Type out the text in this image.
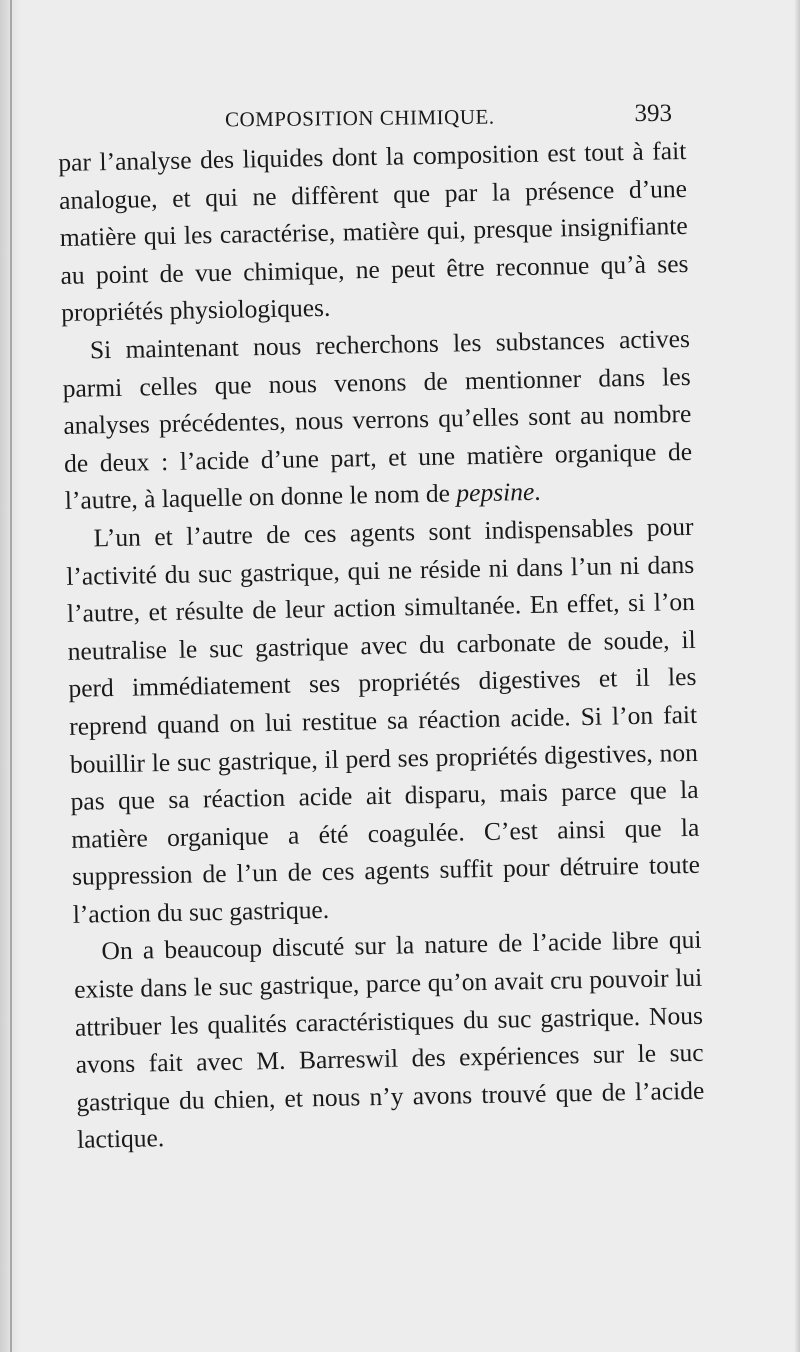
COMPOSITION CHIMIQUE.	393

par l’analyse des liquides dont la composition est tout à fait analogue, et qui ne diffèrent que par la présence d’une matière qui les caractérise, matière qui, presque insignifiante au point de vue chimique, ne peut être reconnue qu’à ses propriétés physiologiques.

Si maintenant nous recherchons les substances actives parmi celles que nous venons de mentionner dans les analyses précédentes, nous verrons qu’elles sont au nombre de deux : l’acide d’une part, et une matière organique de l’autre, à laquelle on donne le nom de pepsine.

L’un et l’autre de ces agents sont indispensables pour l’activité du suc gastrique, qui ne réside ni dans l’un ni dans l’autre, et résulte de leur action simultanée. En effet, si l’on neutralise le suc gastrique avec du carbonate de soude, il perd immédiatement ses propriétés digestives et il les reprend quand on lui restitue sa réaction acide. Si l’on fait bouillir le suc gastrique, il perd ses propriétés digestives, non pas que sa réaction acide ait disparu, mais parce que la matière organique a été coagulée. C’est ainsi que la suppression de l’un de ces agents suffit pour détruire toute l’action du suc gastrique.

On a beaucoup discuté sur la nature de l’acide libre qui existe dans le suc gastrique, parce qu’on avait cru pouvoir lui attribuer les qualités caractéristiques du suc gastrique. Nous avons fait avec M. Barreswil des expériences sur le suc gastrique du chien, et nous n’y avons trouvé que de l’acide lactique.
